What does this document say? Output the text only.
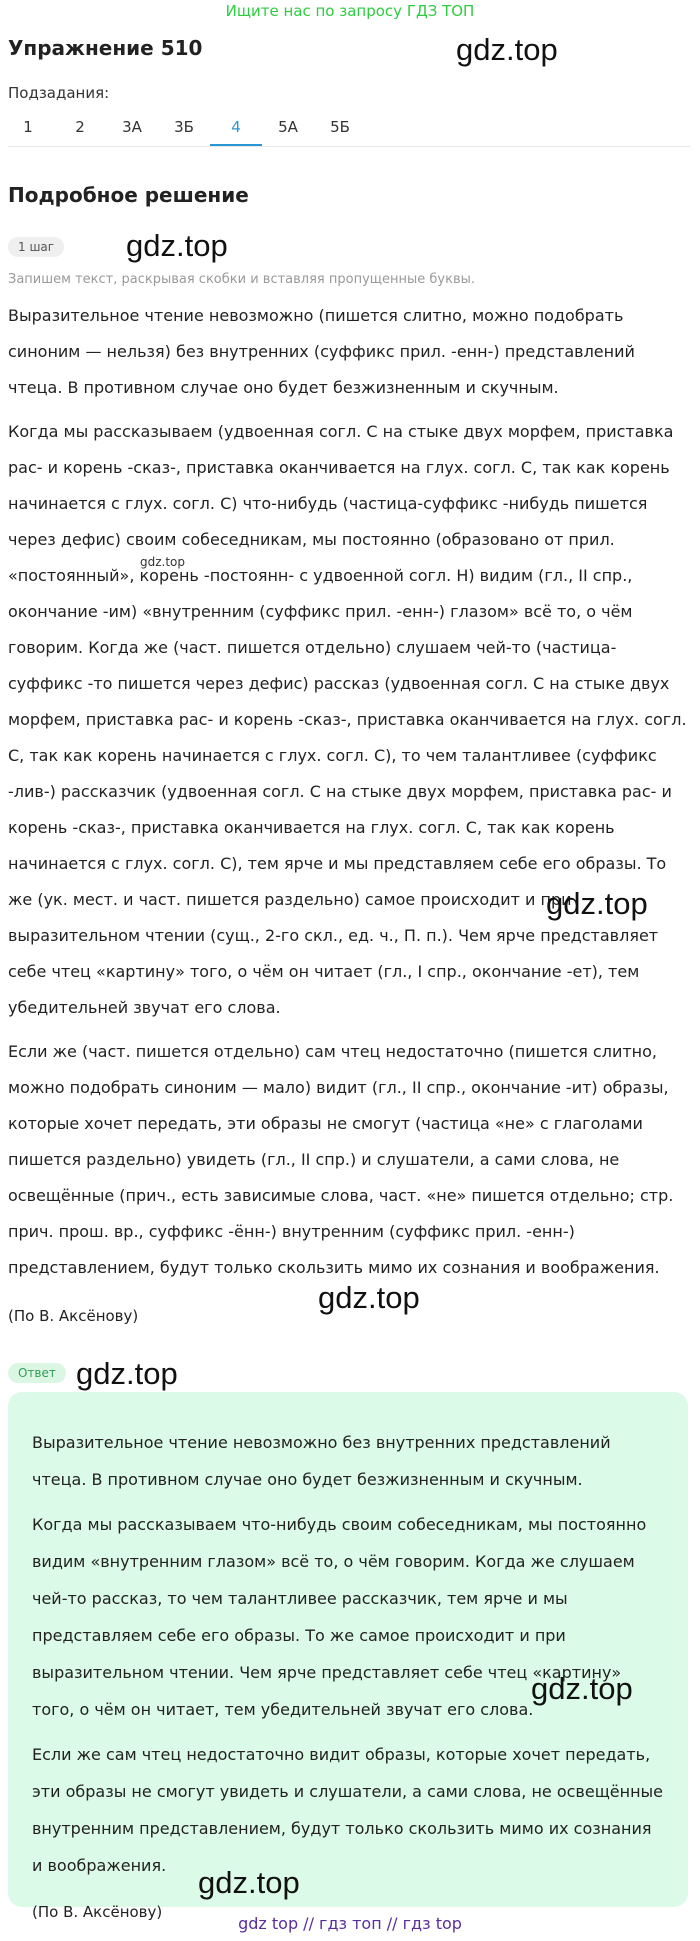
Ищите нас по запросу ГДЗ ТОП
Упражнение 510	gdz.top
Подзадания:
1	2	3А	3Б	4	5А	5Б
Подробное решение
1 шаг	gdz.top
Запишем текст, раскрывая скобки и вставляя пропущенные буквы.

Выразительное чтение невозможно (пишется слитно, можно подобрать синоним — нельзя) без внутренних (суффикс прил. -енн-) представлений чтеца. В противном случае оно будет безжизненным и скучным.

Когда мы рассказываем (удвоенная согл. С на стыке двух морфем, приставка рас- и корень -сказ-, приставка оканчивается на глух. согл. С, так как корень начинается с глух. согл. С) что-нибудь (частица-суффикс -нибудь пишется через дефис) своим собеседникам, мы постоянно (образовано от прил. «постоянный», корень -постоянн- с удвоенной согл. Н) видим (гл., II спр., окончание -им) «внутренним (суффикс прил. -енн-) глазом» всё то, о чём говорим. Когда же (част. пишется отдельно) слушаем чей-то (частица-суффикс -то пишется через дефис) рассказ (удвоенная согл. С на стыке двух морфем, приставка рас- и корень -сказ-, приставка оканчивается на глух. согл. С, так как корень начинается с глух. согл. С), то чем талантливее (суффикс -лив-) рассказчик (удвоенная согл. С на стыке двух морфем, приставка рас- и корень -сказ-, приставка оканчивается на глух. согл. С, так как корень начинается с глух. согл. С), тем ярче и мы представляем себе его образы. То же (ук. мест. и част. пишется раздельно) самое происходит и при выразительном чтении (сущ., 2-го скл., ед. ч., П. п.). Чем ярче представляет себе чтец «картину» того, о чём он читает (гл., I спр., окончание -ет), тем убедительней звучат его слова.

Если же (част. пишется отдельно) сам чтец недостаточно (пишется слитно, можно подобрать синоним — мало) видит (гл., II спр., окончание -ит) образы, которые хочет передать, эти образы не смогут (частица «не» с глаголами пишется раздельно) увидеть (гл., II спр.) и слушатели, а сами слова, не освещённые (прич., есть зависимые слова, част. «не» пишется отдельно; стр. прич. прош. вр., суффикс -ённ-) внутренним (суффикс прил. -енн-) представлением, будут только скользить мимо их сознания и воображения.

(По В. Аксёнову)

gdz.top
gdz.top
gdz.top
Ответ gdz.top

Выразительное чтение невозможно без внутренних представлений чтеца. В противном случае оно будет безжизненным и скучным.

Когда мы рассказываем что-нибудь своим собеседникам, мы постоянно видим «внутренним глазом» всё то, о чём говорим. Когда же слушаем чей-то рассказ, то чем талантливее рассказчик, тем ярче и мы представляем себе его образы. То же самое происходит и при выразительном чтении. Чем ярче представляет себе чтец «картину» того, о чём он читает, тем убедительней звучат его слова.

Если же сам чтец недостаточно видит образы, которые хочет передать, эти образы не смогут увидеть и слушатели, а сами слова, не освещённые внутренним представлением, будут только скользить мимо их сознания и воображения.

(По В. Аксёнову)

gdz.top
gdz.top
gdz top // гдз топ // гдз top
